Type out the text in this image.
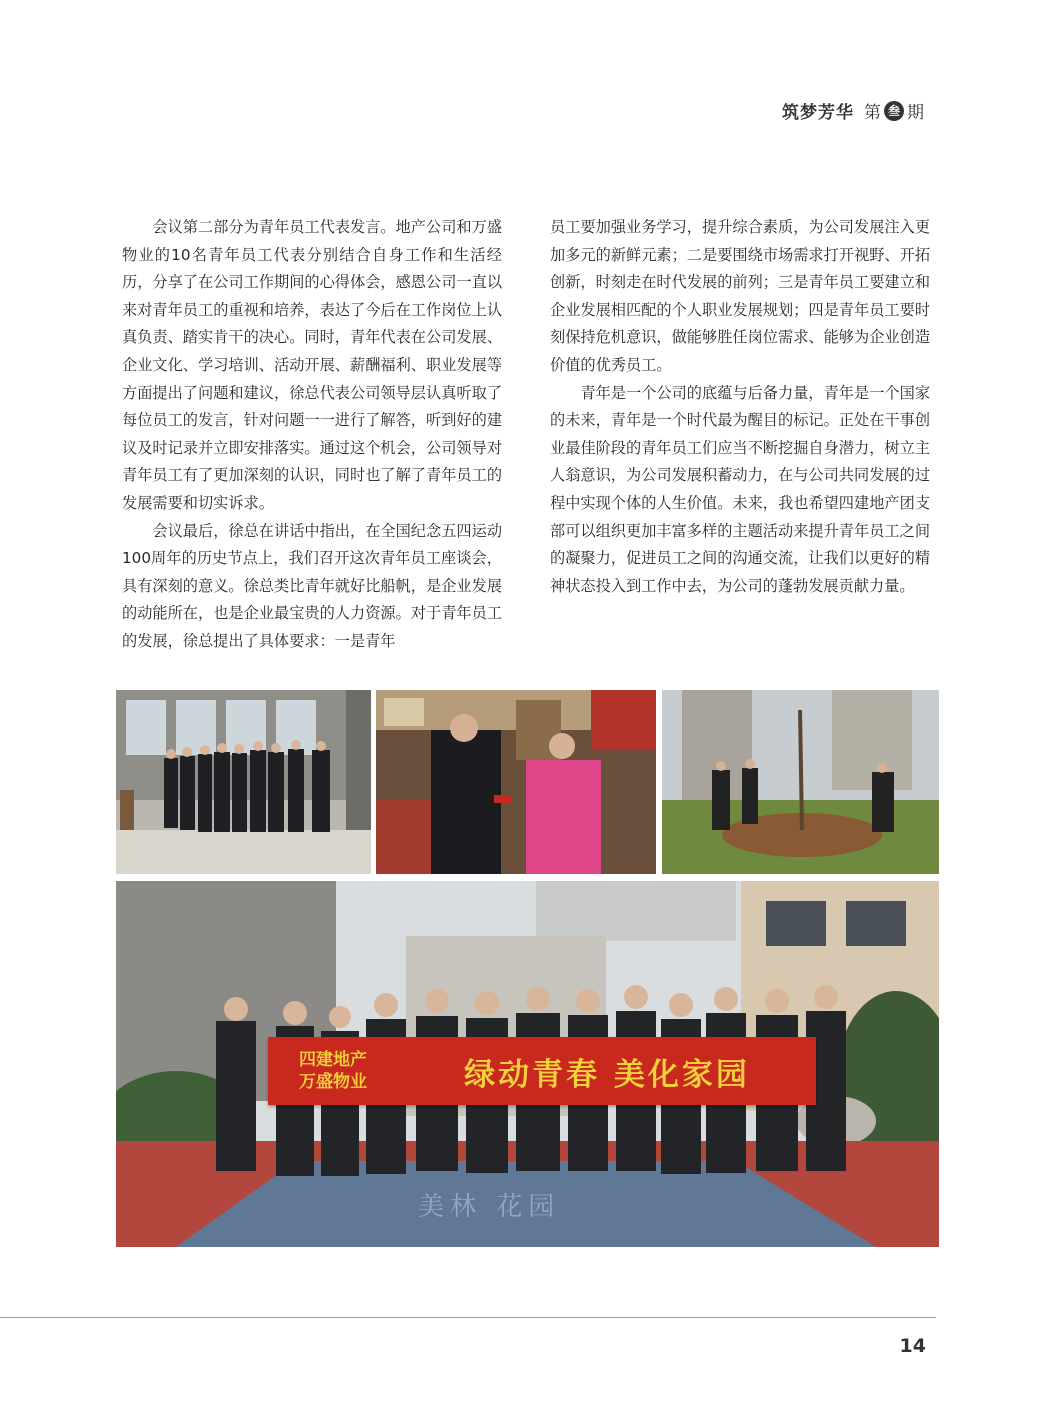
筑梦芳华 第 叁 期

会议第二部分为青年员工代表发言。地产公司和万盛物业的10名青年员工代表分别结合自身工作和生活经历，分享了在公司工作期间的心得体会，感恩公司一直以来对青年员工的重视和培养，表达了今后在工作岗位上认真负责、踏实肯干的决心。同时，青年代表在公司发展、企业文化、学习培训、活动开展、薪酬福利、职业发展等方面提出了问题和建议，徐总代表公司领导层认真听取了每位员工的发言，针对问题一一进行了解答，听到好的建议及时记录并立即安排落实。通过这个机会，公司领导对青年员工有了更加深刻的认识，同时也了解了青年员工的发展需要和切实诉求。

会议最后，徐总在讲话中指出，在全国纪念五四运动100周年的历史节点上，我们召开这次青年员工座谈会，具有深刻的意义。徐总类比青年就好比船帆，是企业发展的动能所在，也是企业最宝贵的人力资源。对于青年员工的发展，徐总提出了具体要求：一是青年

员工要加强业务学习，提升综合素质，为公司发展注入更加多元的新鲜元素；二是要围绕市场需求打开视野、开拓创新，时刻走在时代发展的前列；三是青年员工要建立和企业发展相匹配的个人职业发展规划；四是青年员工要时刻保持危机意识，做能够胜任岗位需求、能够为企业创造价值的优秀员工。

青年是一个公司的底蕴与后备力量，青年是一个国家的未来，青年是一个时代最为醒目的标记。正处在干事创业最佳阶段的青年员工们应当不断挖掘自身潜力，树立主人翁意识，为公司发展积蓄动力，在与公司共同发展的过程中实现个体的人生价值。未来，我也希望四建地产团支部可以组织更加丰富多样的主题活动来提升青年员工之间的凝聚力，促进员工之间的沟通交流，让我们以更好的精神状态投入到工作中去，为公司的蓬勃发展贡献力量。

四建地产
万盛物业	绿动青春 美化家园
美林 花园
14
